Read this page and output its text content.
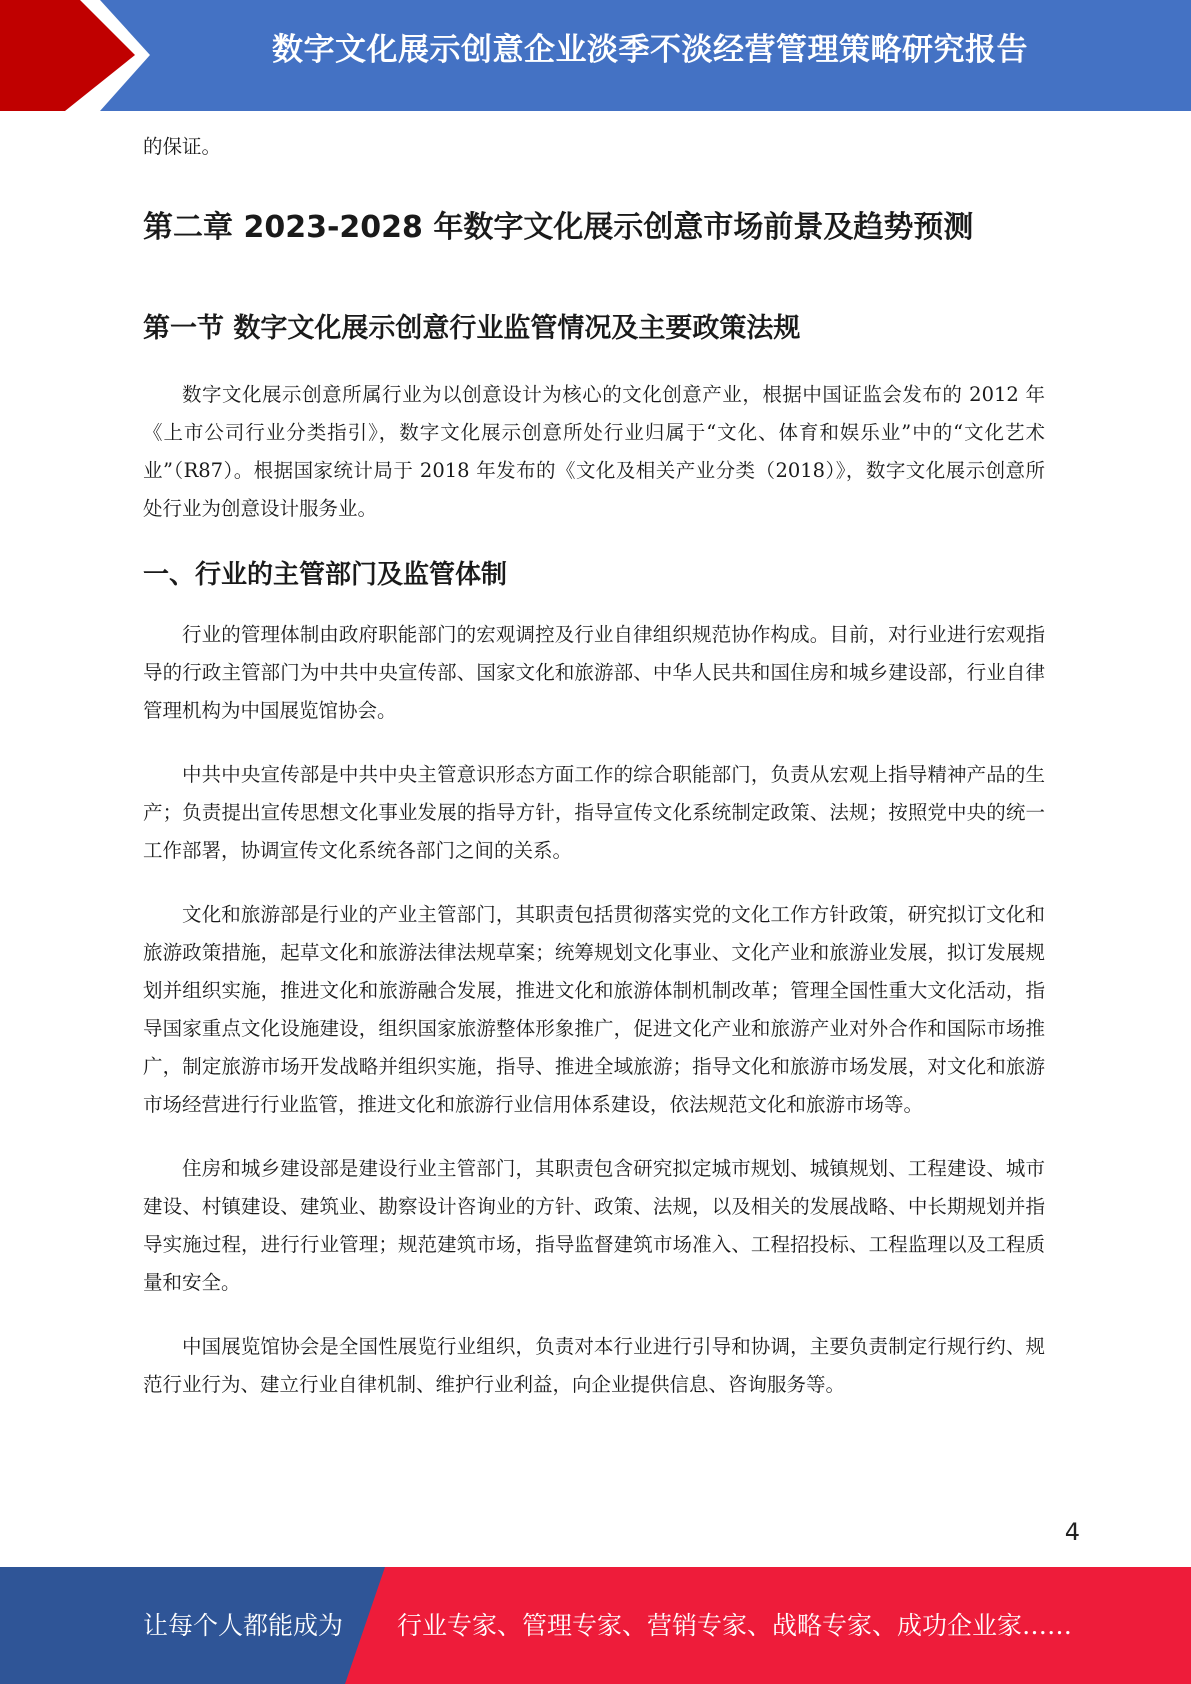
数字文化展示创意企业淡季不淡经营管理策略研究报告

的保证。

第二章 2023-2028 年数字文化展示创意市场前景及趋势预测
第一节 数字文化展示创意行业监管情况及主要政策法规

数字文化展示创意所属行业为以创意设计为核心的文化创意产业，根据中国证监会发布的 2012 年《上市公司行业分类指引》，数字文化展示创意所处行业归属于“文化、体育和娱乐业”中的“文化艺术业”（R87）。根据国家统计局于 2018 年发布的《文化及相关产业分类（2018）》，数字文化展示创意所处行业为创意设计服务业。

一、行业的主管部门及监管体制

行业的管理体制由政府职能部门的宏观调控及行业自律组织规范协作构成。目前，对行业进行宏观指导的行政主管部门为中共中央宣传部、国家文化和旅游部、中华人民共和国住房和城乡建设部，行业自律管理机构为中国展览馆协会。

中共中央宣传部是中共中央主管意识形态方面工作的综合职能部门，负责从宏观上指导精神产品的生产；负责提出宣传思想文化事业发展的指导方针，指导宣传文化系统制定政策、法规；按照党中央的统一工作部署，协调宣传文化系统各部门之间的关系。

文化和旅游部是行业的产业主管部门，其职责包括贯彻落实党的文化工作方针政策，研究拟订文化和旅游政策措施，起草文化和旅游法律法规草案；统筹规划文化事业、文化产业和旅游业发展，拟订发展规划并组织实施，推进文化和旅游融合发展，推进文化和旅游体制机制改革；管理全国性重大文化活动，指导国家重点文化设施建设，组织国家旅游整体形象推广，促进文化产业和旅游产业对外合作和国际市场推广，制定旅游市场开发战略并组织实施，指导、推进全域旅游；指导文化和旅游市场发展，对文化和旅游市场经营进行行业监管，推进文化和旅游行业信用体系建设，依法规范文化和旅游市场等。

住房和城乡建设部是建设行业主管部门，其职责包含研究拟定城市规划、城镇规划、工程建设、城市建设、村镇建设、建筑业、勘察设计咨询业的方针、政策、法规，以及相关的发展战略、中长期规划并指导实施过程，进行行业管理；规范建筑市场，指导监督建筑市场准入、工程招投标、工程监理以及工程质量和安全。

中国展览馆协会是全国性展览行业组织，负责对本行业进行引导和协调，主要负责制定行规行约、规范行业行为、建立行业自律机制、维护行业利益，向企业提供信息、咨询服务等。

4
让每个人都能成为 行业专家、管理专家、营销专家、战略专家、成功企业家……
